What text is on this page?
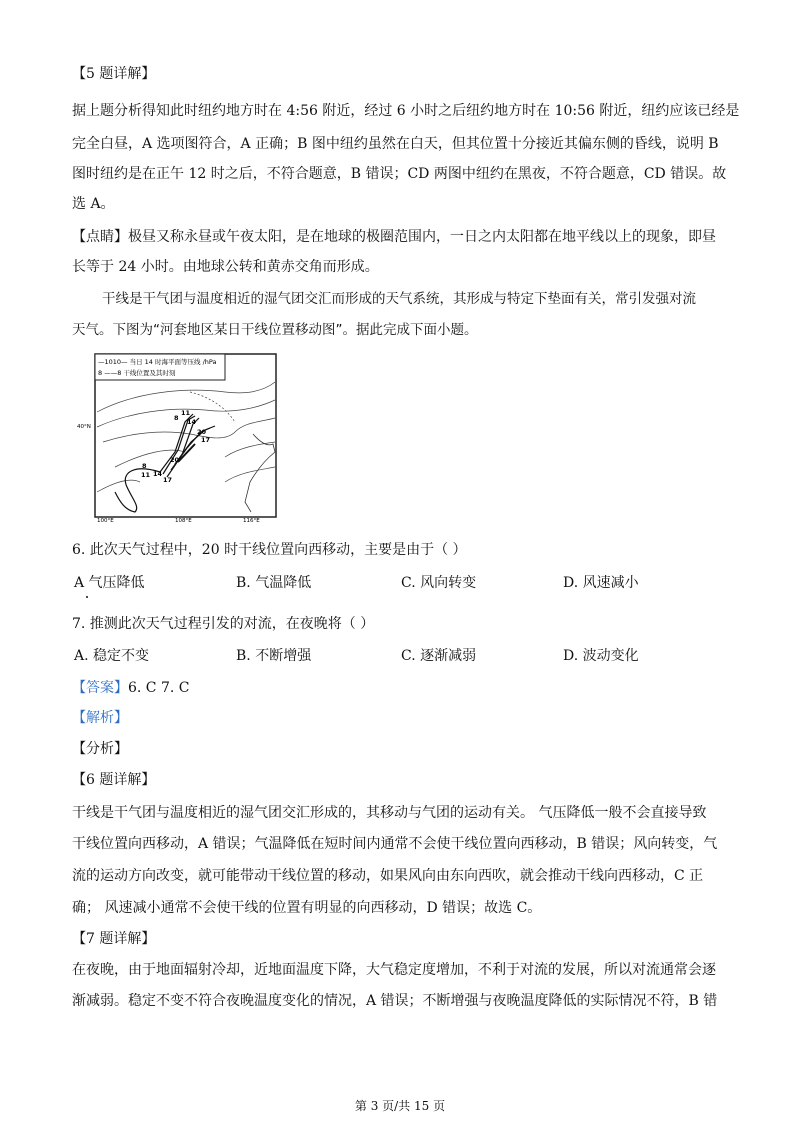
【5 题详解】
据上题分析得知此时纽约地方时在 4:56 附近，经过 6 小时之后纽约地方时在 10:56 附近，纽约应该已经是
完全白昼，A 选项图符合，A 正确；B 图中纽约虽然在白天，但其位置十分接近其偏东侧的昏线，说明 B
图时纽约是在正午 12 时之后，不符合题意，B 错误；CD 两图中纽约在黑夜，不符合题意，CD 错误。故
选 A。
【点睛】极昼又称永昼或午夜太阳，是在地球的极圈范围内，一日之内太阳都在地平线以上的现象，即昼
长等于 24 小时。由地球公转和黄赤交角而形成。
干线是干气团与温度相近的湿气团交汇而形成的天气系统，其形成与特定下垫面有关，常引发强对流
天气。下图为“河套地区某日干线位置移动图”。据此完成下面小题。
—1010— 当日 14 时海平面等压线 /hPa
8 ——8 干线位置及其时刻
8
11
14
20
17
8
11 14
17
20
40°N
100°E	108°E	116°E
6. 此次天气过程中，20 时干线位置向西移动，主要是由于（ ）
A 气压降低	B. 气温降低	C. 风向转变	D. 风速减小
7. 推测此次天气过程引发的对流，在夜晚将（ ）
A. 稳定不变	B. 不断增强	C. 逐渐减弱	D. 波动变化
【答案】6. C 7. C
【解析】
【分析】
【6 题详解】
干线是干气团与温度相近的湿气团交汇形成的，其移动与气团的运动有关。 气压降低一般不会直接导致
干线位置向西移动，A 错误；气温降低在短时间内通常不会使干线位置向西移动，B 错误；风向转变，气
流的运动方向改变，就可能带动干线位置的移动，如果风向由东向西吹，就会推动干线向西移动，C 正
确； 风速减小通常不会使干线的位置有明显的向西移动，D 错误；故选 C。
【7 题详解】
在夜晚，由于地面辐射冷却，近地面温度下降，大气稳定度增加，不利于对流的发展，所以对流通常会逐
渐减弱。稳定不变不符合夜晚温度变化的情况，A 错误；不断增强与夜晚温度降低的实际情况不符，B 错
第 3 页/共 15 页
